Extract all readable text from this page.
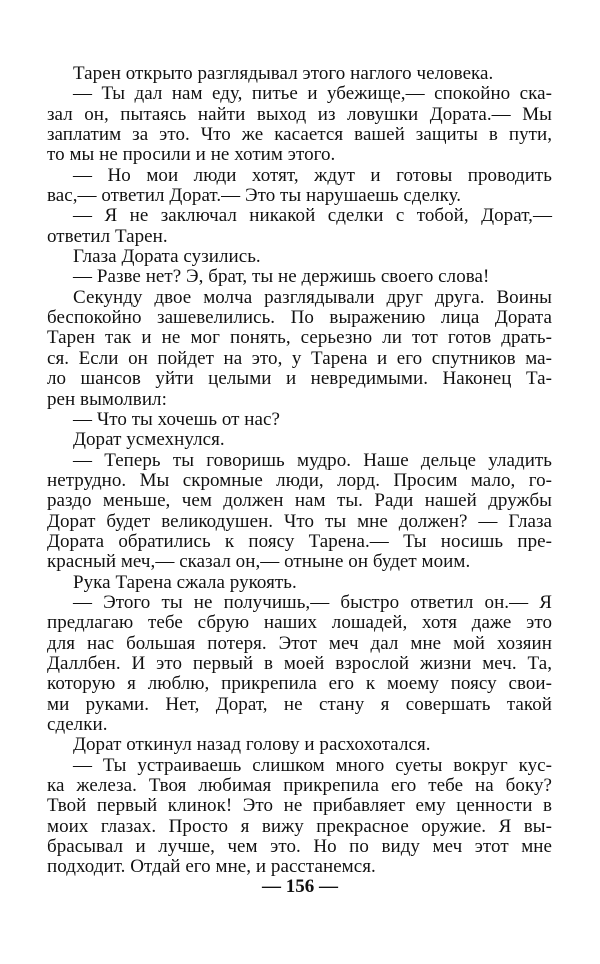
Тарен открыто разглядывал этого наглого человека.
— Ты дал нам еду, питье и убежище,— спокойно ска-
зал он, пытаясь найти выход из ловушки Дората.— Мы
заплатим за это. Что же касается вашей защиты в пути,
то мы не просили и не хотим этого.
— Но мои люди хотят, ждут и готовы проводить
вас,— ответил Дорат.— Это ты нарушаешь сделку.
— Я не заключал никакой сделки с тобой, Дорат,—
ответил Тарен.
Глаза Дората сузились.
— Разве нет? Э, брат, ты не держишь своего слова!
Секунду двое молча разглядывали друг друга. Воины
беспокойно зашевелились. По выражению лица Дората
Тарен так и не мог понять, серьезно ли тот готов драть-
ся. Если он пойдет на это, у Тарена и его спутников ма-
ло шансов уйти целыми и невредимыми. Наконец Та-
рен вымолвил:
— Что ты хочешь от нас?
Дорат усмехнулся.
— Теперь ты говоришь мудро. Наше дельце уладить
нетрудно. Мы скромные люди, лорд. Просим мало, го-
раздо меньше, чем должен нам ты. Ради нашей дружбы
Дорат будет великодушен. Что ты мне должен? — Глаза
Дората обратились к поясу Тарена.— Ты носишь пре-
красный меч,— сказал он,— отныне он будет моим.
Рука Тарена сжала рукоять.
— Этого ты не получишь,— быстро ответил он.— Я
предлагаю тебе сбрую наших лошадей, хотя даже это
для нас большая потеря. Этот меч дал мне мой хозяин
Даллбен. И это первый в моей взрослой жизни меч. Та,
которую я люблю, прикрепила его к моему поясу свои-
ми руками. Нет, Дорат, не стану я совершать такой
сделки.
Дорат откинул назад голову и расхохотался.
— Ты устраиваешь слишком много суеты вокруг кус-
ка железа. Твоя любимая прикрепила его тебе на боку?
Твой первый клинок! Это не прибавляет ему ценности в
моих глазах. Просто я вижу прекрасное оружие. Я вы-
брасывал и лучше, чем это. Но по виду меч этот мне
подходит. Отдай его мне, и расстанемся.
— 156 —
